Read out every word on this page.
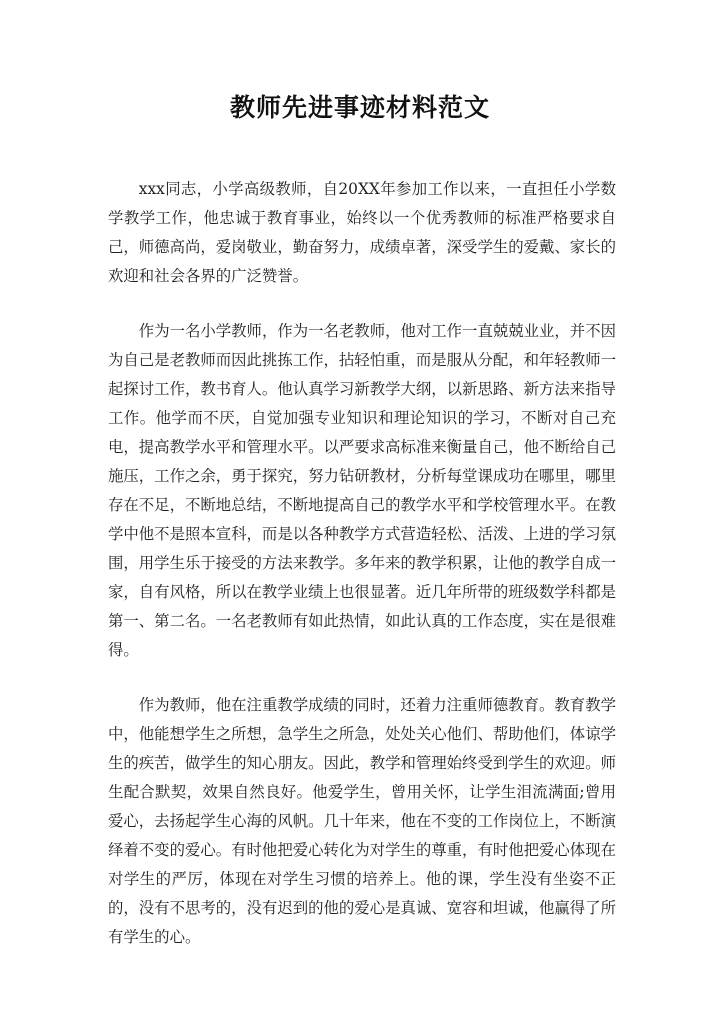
教师先进事迹材料范文

xxx同志，小学高级教师，自20XX年参加工作以来，一直担任小学数学教学工作，他忠诚于教育事业，始终以一个优秀教师的标准严格要求自己，师德高尚，爱岗敬业，勤奋努力，成绩卓著，深受学生的爱戴、家长的欢迎和社会各界的广泛赞誉。

作为一名小学教师，作为一名老教师，他对工作一直兢兢业业，并不因为自己是老教师而因此挑拣工作，拈轻怕重，而是服从分配，和年轻教师一起探讨工作，教书育人。他认真学习新教学大纲，以新思路、新方法来指导工作。他学而不厌，自觉加强专业知识和理论知识的学习，不断对自己充电，提高教学水平和管理水平。以严要求高标准来衡量自己，他不断给自己施压，工作之余，勇于探究，努力钻研教材，分析每堂课成功在哪里，哪里存在不足，不断地总结，不断地提高自己的教学水平和学校管理水平。在教学中他不是照本宣科，而是以各种教学方式营造轻松、活泼、上进的学习氛围，用学生乐于接受的方法来教学。多年来的教学积累，让他的教学自成一家，自有风格，所以在教学业绩上也很显著。近几年所带的班级数学科都是第一、第二名。一名老教师有如此热情，如此认真的工作态度，实在是很难得。

作为教师，他在注重教学成绩的同时，还着力注重师德教育。教育教学中，他能想学生之所想，急学生之所急，处处关心他们、帮助他们，体谅学生的疾苦，做学生的知心朋友。因此，教学和管理始终受到学生的欢迎。师生配合默契，效果自然良好。他爱学生，曾用关怀，让学生泪流满面;曾用爱心，去扬起学生心海的风帆。几十年来，他在不变的工作岗位上，不断演绎着不变的爱心。有时他把爱心转化为对学生的尊重，有时他把爱心体现在对学生的严厉，体现在对学生习惯的培养上。他的课，学生没有坐姿不正的，没有不思考的，没有迟到的他的爱心是真诚、宽容和坦诚，他赢得了所有学生的心。
